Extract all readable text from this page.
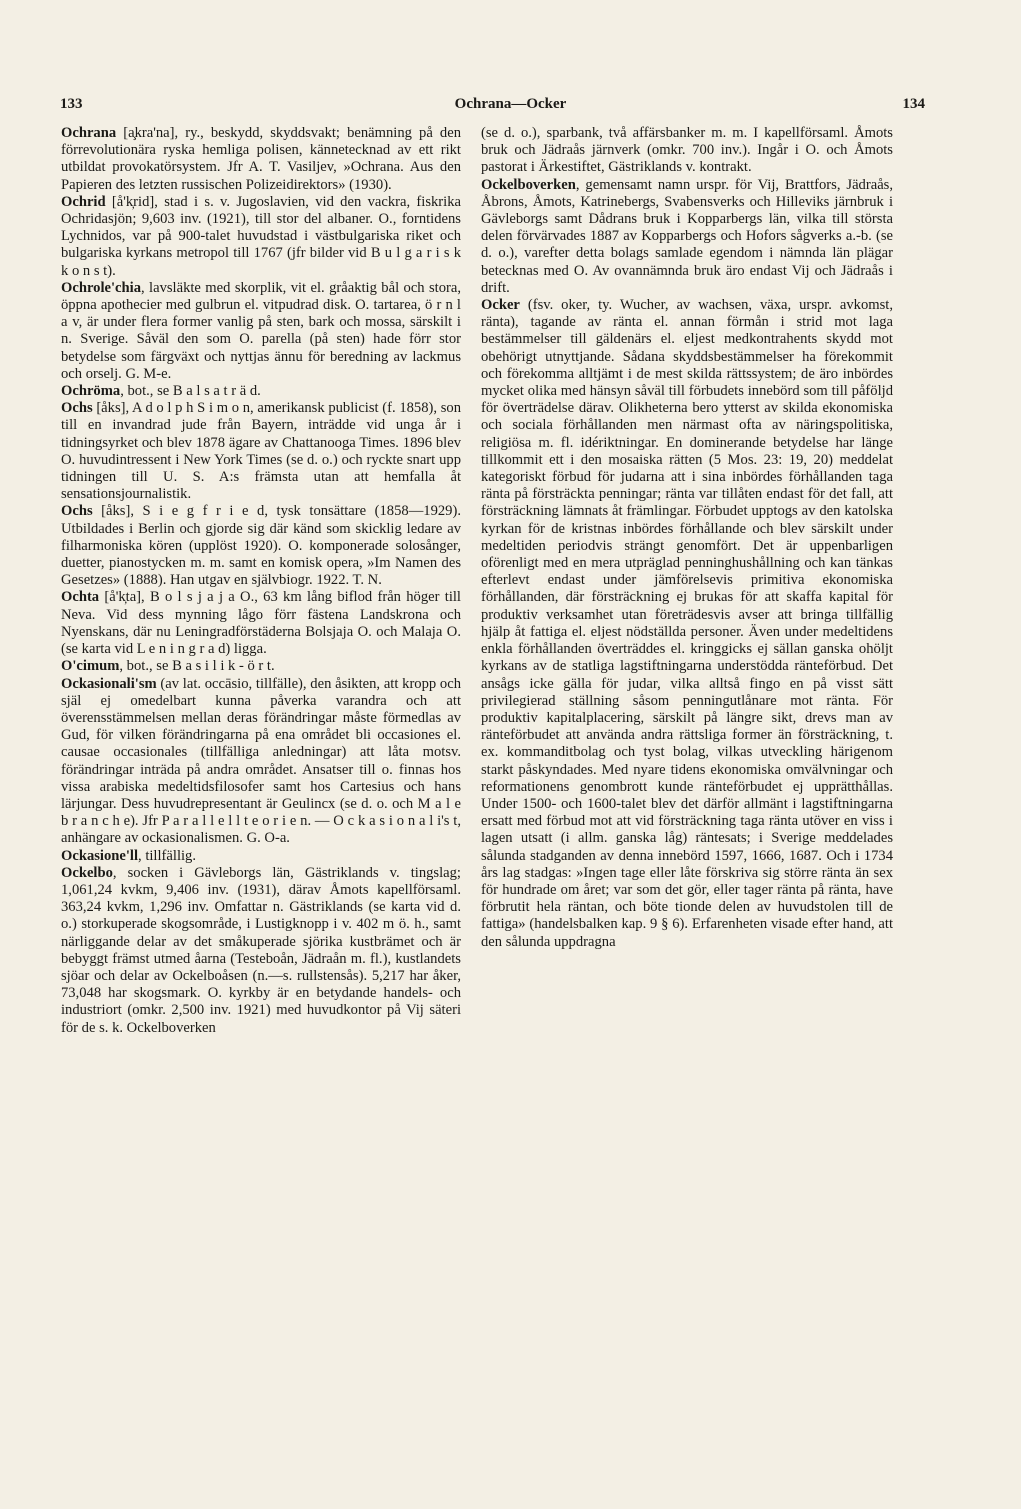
133	Ochrana—Ocker	134

Ochrana [a̧kra'na], ry., beskydd, skyddsvakt; benämning på den förrevolutionära ryska hemliga polisen, kännetecknad av ett rikt utbildat provokatörsystem. Jfr A. T. Vasiljev, »Ochrana. Aus den Papieren des letzten russischen Polizeidirektors» (1930).

Ochrid [å'k̦rid], stad i s. v. Jugoslavien, vid den vackra, fiskrika Ochridasjön; 9,603 inv. (1921), till stor del albaner. O., forntidens Lychnidos, var på 900-talet huvudstad i västbulgariska riket och bulgariska kyrkans metropol till 1767 (jfr bilder vid B u l g a r i s k k o n s t).

Ochrole'chia, lavsläkte med skorplik, vit el. gråaktig bål och stora, öppna apothecier med gulbrun el. vitpudrad disk. O. tartarea, ö r n l a v, är under flera former vanlig på sten, bark och mossa, särskilt i n. Sverige. Såväl den som O. parella (på sten) hade förr stor betydelse som färgväxt och nyttjas ännu för beredning av lackmus och orselj. G. M-e.

Ochröma, bot., se B a l s a t r ä d.

Ochs [åks], A d o l p h S i m o n, amerikansk publicist (f. 1858), son till en invandrad jude från Bayern, inträdde vid unga år i tidningsyrket och blev 1878 ägare av Chattanooga Times. 1896 blev O. huvudintressent i New York Times (se d. o.) och ryckte snart upp tidningen till U. S. A:s främsta utan att hemfalla åt sensationsjournalistik.

Ochs [åks], S i e g f r i e d, tysk tonsättare (1858—1929). Utbildades i Berlin och gjorde sig där känd som skicklig ledare av filharmoniska kören (upplöst 1920). O. komponerade solosånger, duetter, pianostycken m. m. samt en komisk opera, »Im Namen des Gesetzes» (1888). Han utgav en självbiogr. 1922. T. N.

Ochta [å'k̦ta], B o l s j a j a O., 63 km lång biflod från höger till Neva. Vid dess mynning lågo förr fästena Landskrona och Nyenskans, där nu Leningradförstäderna Bolsjaja O. och Malaja O. (se karta vid L e n i n g r a d) ligga.

O'cimum, bot., se B a s i l i k - ö r t.

Ockasionali'sm (av lat. occāsio, tillfälle), den åsikten, att kropp och själ ej omedelbart kunna påverka varandra och att överensstämmelsen mellan deras förändringar måste förmedlas av Gud, för vilken förändringarna på ena området bli occasiones el. causae occasionales (tillfälliga anledningar) att låta motsv. förändringar inträda på andra området. Ansatser till o. finnas hos vissa arabiska medeltidsfilosofer samt hos Cartesius och hans lärjungar. Dess huvudrepresentant är Geulincx (se d. o. och M a l e b r a n c h e). Jfr P a r a l l e l l t e o r i e n. — O c k a s i o n a l i's t, anhängare av ockasionalismen. G. O-a.

Ockasione'll, tillfällig.

Ockelbo, socken i Gävleborgs län, Gästriklands v. tingslag; 1,061,24 kvkm, 9,406 inv. (1931), därav Åmots kapellförsaml. 363,24 kvkm, 1,296 inv. Omfattar n. Gästriklands (se karta vid d. o.) storkuperade skogsområde, i Lustigknopp i v. 402 m ö. h., samt närliggande delar av det småkuperade sjörika kustbrämet och är bebyggt främst utmed åarna (Testeboån, Jädraån m. fl.), kustlandets sjöar och delar av Ockelboåsen (n.—s. rullstensås). 5,217 har åker, 73,048 har skogsmark. O. kyrkby är en betydande handels- och industriort (omkr. 2,500 inv. 1921) med huvudkontor på Vij säteri för de s. k. Ockelboverken

(se d. o.), sparbank, två affärsbanker m. m. I kapellförsaml. Åmots bruk och Jädraås järnverk (omkr. 700 inv.). Ingår i O. och Åmots pastorat i Ärkestiftet, Gästriklands v. kontrakt.

Ockelboverken, gemensamt namn urspr. för Vij, Brattfors, Jädraås, Åbrons, Åmots, Katrinebergs, Svabensverks och Hilleviks järnbruk i Gävleborgs samt Dådrans bruk i Kopparbergs län, vilka till största delen förvärvades 1887 av Kopparbergs och Hofors sågverks a.-b. (se d. o.), varefter detta bolags samlade egendom i nämnda län plägar betecknas med O. Av ovannämnda bruk äro endast Vij och Jädraås i drift.

Ocker (fsv. oker, ty. Wucher, av wachsen, växa, urspr. avkomst, ränta), tagande av ränta el. annan förmån i strid mot laga bestämmelser till gäldenärs el. eljest medkontrahents skydd mot obehörigt utnyttjande. Sådana skyddsbestämmelser ha förekommit och förekomma alltjämt i de mest skilda rättssystem; de äro inbördes mycket olika med hänsyn såväl till förbudets innebörd som till påföljd för överträdelse därav. Olikheterna bero ytterst av skilda ekonomiska och sociala förhållanden men närmast ofta av näringspolitiska, religiösa m. fl. idériktningar. En dominerande betydelse har länge tillkommit ett i den mosaiska rätten (5 Mos. 23: 19, 20) meddelat kategoriskt förbud för judarna att i sina inbördes förhållanden taga ränta på försträckta penningar; ränta var tillåten endast för det fall, att försträckning lämnats åt främlingar. Förbudet upptogs av den katolska kyrkan för de kristnas inbördes förhållande och blev särskilt under medeltiden periodvis strängt genomfört. Det är uppenbarligen oförenligt med en mera utpräglad penninghushållning och kan tänkas efterlevt endast under jämförelsevis primitiva ekonomiska förhållanden, där försträckning ej brukas för att skaffa kapital för produktiv verksamhet utan företrädesvis avser att bringa tillfällig hjälp åt fattiga el. eljest nödställda personer. Även under medeltidens enkla förhållanden överträddes el. kringgicks ej sällan ganska ohöljt kyrkans av de statliga lagstiftningarna understödda ränteförbud. Det ansågs icke gälla för judar, vilka alltså fingo en på visst sätt privilegierad ställning såsom penningutlånare mot ränta. För produktiv kapitalplacering, särskilt på längre sikt, drevs man av ränteförbudet att använda andra rättsliga former än försträckning, t. ex. kommanditbolag och tyst bolag, vilkas utveckling härigenom starkt påskyndades. Med nyare tidens ekonomiska omvälvningar och reformationens genombrott kunde ränteförbudet ej upprätthållas. Under 1500- och 1600-talet blev det därför allmänt i lagstiftningarna ersatt med förbud mot att vid försträckning taga ränta utöver en viss i lagen utsatt (i allm. ganska låg) räntesats; i Sverige meddelades sålunda stadganden av denna innebörd 1597, 1666, 1687. Och i 1734 års lag stadgas: »Ingen tage eller låte förskriva sig större ränta än sex för hundrade om året; var som det gör, eller tager ränta på ränta, have förbrutit hela räntan, och böte tionde delen av huvudstolen till de fattiga» (handelsbalken kap. 9 § 6). Erfarenheten visade efter hand, att den sålunda uppdragna
